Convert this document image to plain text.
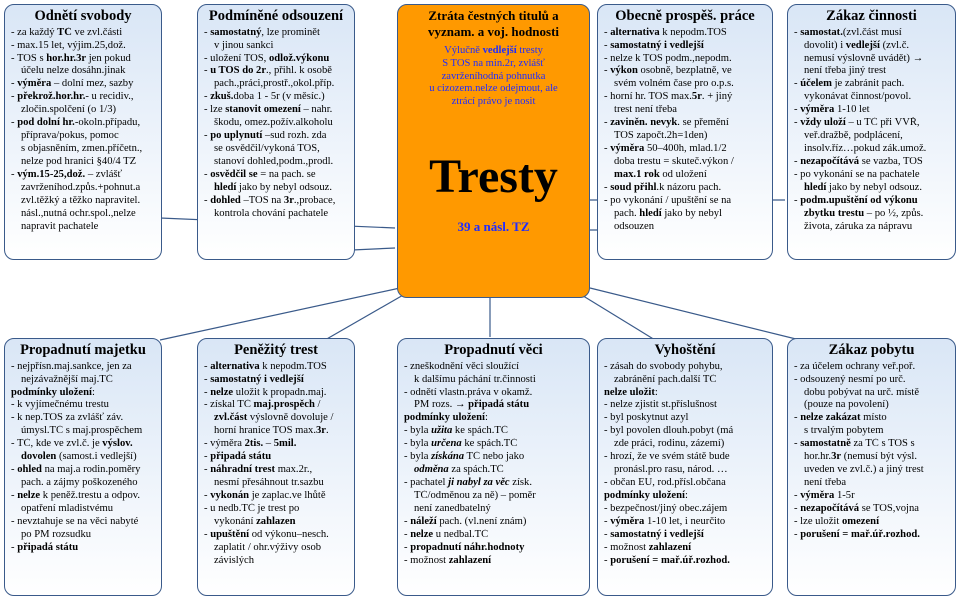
Odnětí svobody
- za každý TČ ve zvl.části
- max.15 let, výjim.25,dož.
- TOS s hor.hr.3r jen pokud
účelu nelze dosáhn.jinak
- výměra – dolní mez, sazby
- překrož.hor.hr.- u recidiv.,
zločin.spolčení (o 1/3)
- pod dolní hr.-okoln.případu,
příprava/pokus, pomoc
s objasněním, zmen.příčetn.,
nelze pod hranici §40/4 TZ
- vým.15-25,dož. – zvlášť
zavrženíhod.způs.+pohnut.a
zvl.těžký a těžko napravitel.
násl.,nutná ochr.spol.,nelze
napravit pachatele
Podmíněné odsouzení
- samostatný, lze prominět
v jinou sankci
- uložení TOS, odlož.výkonu
- u TOS do 2r., přihl. k osobě
pach.,práci,prostř.,okol.příp.
- zkuš.doba 1 - 5r (v měsíc.)
- lze stanovit omezení – nahr.
škodu, omez.požív.alkoholu
- po uplynutí –sud rozh. zda
se osvědčil/vykoná TOS,
stanoví dohled,podm.,prodl.
- osvědčil se = na pach. se
hledí jako by nebyl odsouz.
- dohled –TOS na 3r.,probace,
kontrola chování pachatele
Ztráta čestných titulů a
vyznam. a voj. hodnosti
Výlučně vedlejší tresty
S TOS na min.2r, zvlášť
zavrženíhodná pohnutka
u cizozem.nelze odejmout, ale
ztrácí právo je nosit
Tresty
39 a násl. TZ
Obecně prospěš. práce
- alternativa k nepodm.TOS
- samostatný i vedlejší
- nelze k TOS podm.,nepodm.
- výkon osobně, bezplatně, ve
svém volném čase pro o.p.s.
- horní hr. TOS max.5r. + jiný
trest není třeba
- zaviněn. nevyk. se přemění
TOS započt.2h=1den)
- výměra 50–400h, mlad.1/2
doba trestu = skuteč.výkon /
max.1 rok od uložení
- soud přihl.k názoru pach.
- po vykonání / upuštění se na
pach. hledí jako by nebyl
odsouzen
Zákaz činnosti
- samostat.(zvl.část musí
dovolit) i vedlejší (zvl.č.
nemusí výslovně uvádět) →
není třeba jiný trest
- účelem je zabránit pach.
vykonávat činnost/povol.
- výměra 1-10 let
- vždy uloží – u TČ při VVŘ,
veř.dražbě, podplácení,
insolv.říz…pokud zák.umož.
- nezapočítává se vazba, TOS
- po vykonání se na pachatele
hledí jako by nebyl odsouz.
- podm.upuštění od výkonu
zbytku trestu – po ½, způs.
života, záruka za nápravu
Propadnutí majetku
- nejpřísn.maj.sankce, jen za
nejzávažnější maj.TČ
podmínky uložení:
- k vyjímečnému trestu
- k nep.TOS za zvlášť záv.
úmysl.TČ s maj.prospěchem
- TČ, kde ve zvl.č. je výslov.
dovolen (samost.i vedlejší)
- ohled na maj.a rodin.poměry
pach. a zájmy poškozeného
- nelze k peněž.trestu a odpov.
opatření mladistvému
- nevztahuje se na věci nabyté
po PM rozsudku
- připadá státu
Peněžitý trest
- alternativa k nepodm.TOS
- samostatný i vedlejší
- nelze uložit k propadn.maj.
- získal TČ maj.prospěch /
zvl.část výslovně dovoluje /
horní hranice TOS max.3r.
- výměra 2tis. – 5mil.
- připadá státu
- náhradní trest max.2r.,
nesmí přesáhnout tr.sazbu
- vykonán je zaplac.ve lhůtě
- u nedb.TČ je trest po
vykonání zahlazen
- upuštění od výkonu–nesch.
zaplatit / ohr.výživy osob
závislých
Propadnutí věci
- zneškodnění věci sloužící
k dalšímu páchání tr.činnosti
- odnětí vlastn.práva v okamž.
PM rozs. → připadá státu
podmínky uložení:
- byla užita ke spách.TČ
- byla určena ke spách.TČ
- byla získána TČ nebo jako
odměna za spách.TČ
- pachatel ji nabyl za věc získ.
TČ/odměnou za ně) – poměr
není zanedbatelný
- náleží pach. (vl.není znám)
- nelze u nedbal.TČ
- propadnutí náhr.hodnoty
- možnost zahlazení
Vyhoštění
- zásah do svobody pohybu,
zabránění pach.další TČ
nelze uložit:
- nelze zjistit st.příslušnost
- byl poskytnut azyl
- byl povolen dlouh.pobyt (má
zde práci, rodinu, zázemí)
- hrozí, že ve svém státě bude
pronásl.pro rasu, národ. …
- občan EU, rod.přísl.občana
podmínky uložení:
- bezpečnost/jiný obec.zájem
- výměra 1-10 let, i neurčito
- samostatný i vedlejší
- možnost zahlazení
- porušení = mař.úř.rozhod.
Zákaz pobytu
- za účelem ochrany veř.poř.
- odsouzený nesmí po urč.
dobu pobývat na urč. místě
(pouze na povolení)
- nelze zakázat místo
s trvalým pobytem
- samostatně za TČ s TOS s
hor.hr.3r (nemusí být výsl.
uveden ve zvl.č.) a jiný trest
není třeba
- výměra 1-5r
- nezapočítává se TOS,vojna
- lze uložit omezení
- porušení = mař.úř.rozhod.
